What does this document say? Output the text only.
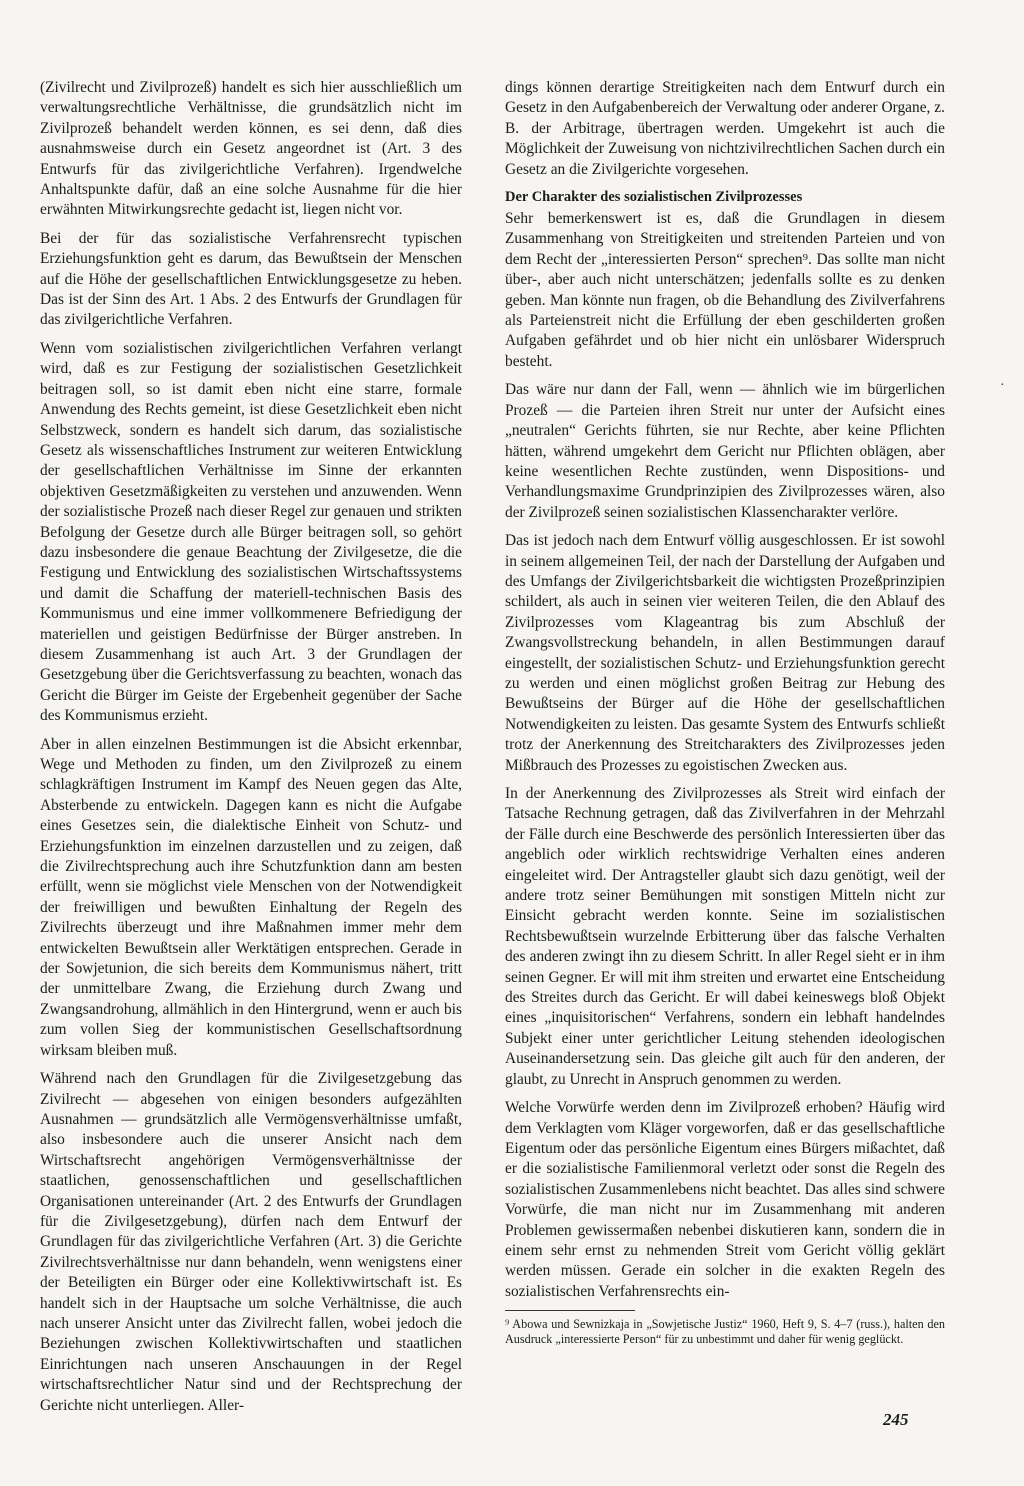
(Zivilrecht und Zivilprozeß) handelt es sich hier ausschließlich um verwaltungsrechtliche Verhältnisse, die grundsätzlich nicht im Zivilprozeß behandelt werden können, es sei denn, daß dies ausnahmsweise durch ein Gesetz angeordnet ist (Art. 3 des Entwurfs für das zivilgerichtliche Verfahren). Irgendwelche Anhaltspunkte dafür, daß an eine solche Ausnahme für die hier erwähnten Mitwirkungsrechte gedacht ist, liegen nicht vor.

Bei der für das sozialistische Verfahrensrecht typischen Erziehungsfunktion geht es darum, das Bewußtsein der Menschen auf die Höhe der gesellschaftlichen Entwicklungsgesetze zu heben. Das ist der Sinn des Art. 1 Abs. 2 des Entwurfs der Grundlagen für das zivilgerichtliche Verfahren.

Wenn vom sozialistischen zivilgerichtlichen Verfahren verlangt wird, daß es zur Festigung der sozialistischen Gesetzlichkeit beitragen soll, so ist damit eben nicht eine starre, formale Anwendung des Rechts gemeint, ist diese Gesetzlichkeit eben nicht Selbstzweck, sondern es handelt sich darum, das sozialistische Gesetz als wissenschaftliches Instrument zur weiteren Entwicklung der gesellschaftlichen Verhältnisse im Sinne der erkannten objektiven Gesetzmäßigkeiten zu verstehen und anzuwenden. Wenn der sozialistische Prozeß nach dieser Regel zur genauen und strikten Befolgung der Gesetze durch alle Bürger beitragen soll, so gehört dazu insbesondere die genaue Beachtung der Zivilgesetze, die die Festigung und Entwicklung des sozialistischen Wirtschaftssystems und damit die Schaffung der materiell-technischen Basis des Kommunismus und eine immer vollkommenere Befriedigung der materiellen und geistigen Bedürfnisse der Bürger anstreben. In diesem Zusammenhang ist auch Art. 3 der Grundlagen der Gesetzgebung über die Gerichtsverfassung zu beachten, wonach das Gericht die Bürger im Geiste der Ergebenheit gegenüber der Sache des Kommunismus erzieht.

Aber in allen einzelnen Bestimmungen ist die Absicht erkennbar, Wege und Methoden zu finden, um den Zivilprozeß zu einem schlagkräftigen Instrument im Kampf des Neuen gegen das Alte, Absterbende zu entwickeln. Dagegen kann es nicht die Aufgabe eines Gesetzes sein, die dialektische Einheit von Schutz- und Erziehungsfunktion im einzelnen darzustellen und zu zeigen, daß die Zivilrechtsprechung auch ihre Schutzfunktion dann am besten erfüllt, wenn sie möglichst viele Menschen von der Notwendigkeit der freiwilligen und bewußten Einhaltung der Regeln des Zivilrechts überzeugt und ihre Maßnahmen immer mehr dem entwickelten Bewußtsein aller Werktätigen entsprechen. Gerade in der Sowjetunion, die sich bereits dem Kommunismus nähert, tritt der unmittelbare Zwang, die Erziehung durch Zwang und Zwangsandrohung, allmählich in den Hintergrund, wenn er auch bis zum vollen Sieg der kommunistischen Gesellschaftsordnung wirksam bleiben muß.

Während nach den Grundlagen für die Zivilgesetzgebung das Zivilrecht — abgesehen von einigen besonders aufgezählten Ausnahmen — grundsätzlich alle Vermögensverhältnisse umfaßt, also insbesondere auch die unserer Ansicht nach dem Wirtschaftsrecht angehörigen Vermögensverhältnisse der staatlichen, genossenschaftlichen und gesellschaftlichen Organisationen untereinander (Art. 2 des Entwurfs der Grundlagen für die Zivilgesetzgebung), dürfen nach dem Entwurf der Grundlagen für das zivilgerichtliche Verfahren (Art. 3) die Gerichte Zivilrechtsverhältnisse nur dann behandeln, wenn wenigstens einer der Beteiligten ein Bürger oder eine Kollektivwirtschaft ist. Es handelt sich in der Hauptsache um solche Verhältnisse, die auch nach unserer Ansicht unter das Zivilrecht fallen, wobei jedoch die Beziehungen zwischen Kollektivwirtschaften und staatlichen Einrichtungen nach unseren Anschauungen in der Regel wirtschaftsrechtlicher Natur sind und der Rechtsprechung der Gerichte nicht unterliegen. Aller-

dings können derartige Streitigkeiten nach dem Entwurf durch ein Gesetz in den Aufgabenbereich der Verwaltung oder anderer Organe, z. B. der Arbitrage, übertragen werden. Umgekehrt ist auch die Möglichkeit der Zuweisung von nichtzivilrechtlichen Sachen durch ein Gesetz an die Zivilgerichte vorgesehen.

Der Charakter des sozialistischen Zivilprozesses

Sehr bemerkenswert ist es, daß die Grundlagen in diesem Zusammenhang von Streitigkeiten und streitenden Parteien und von dem Recht der „interessierten Person“ sprechen⁹. Das sollte man nicht über-, aber auch nicht unterschätzen; jedenfalls sollte es zu denken geben. Man könnte nun fragen, ob die Behandlung des Zivilverfahrens als Parteienstreit nicht die Erfüllung der eben geschilderten großen Aufgaben gefährdet und ob hier nicht ein unlösbarer Widerspruch besteht.

Das wäre nur dann der Fall, wenn — ähnlich wie im bürgerlichen Prozeß — die Parteien ihren Streit nur unter der Aufsicht eines „neutralen“ Gerichts führten, sie nur Rechte, aber keine Pflichten hätten, während umgekehrt dem Gericht nur Pflichten oblägen, aber keine wesentlichen Rechte zustünden, wenn Dispositions- und Verhandlungsmaxime Grundprinzipien des Zivilprozesses wären, also der Zivilprozeß seinen sozialistischen Klassencharakter verlöre.

Das ist jedoch nach dem Entwurf völlig ausgeschlossen. Er ist sowohl in seinem allgemeinen Teil, der nach der Darstellung der Aufgaben und des Umfangs der Zivilgerichtsbarkeit die wichtigsten Prozeßprinzipien schildert, als auch in seinen vier weiteren Teilen, die den Ablauf des Zivilprozesses vom Klageantrag bis zum Abschluß der Zwangsvollstreckung behandeln, in allen Bestimmungen darauf eingestellt, der sozialistischen Schutz- und Erziehungsfunktion gerecht zu werden und einen möglichst großen Beitrag zur Hebung des Bewußtseins der Bürger auf die Höhe der gesellschaftlichen Notwendigkeiten zu leisten. Das gesamte System des Entwurfs schließt trotz der Anerkennung des Streitcharakters des Zivilprozesses jeden Mißbrauch des Prozesses zu egoistischen Zwecken aus.

In der Anerkennung des Zivilprozesses als Streit wird einfach der Tatsache Rechnung getragen, daß das Zivilverfahren in der Mehrzahl der Fälle durch eine Beschwerde des persönlich Interessierten über das angeblich oder wirklich rechtswidrige Verhalten eines anderen eingeleitet wird. Der Antragsteller glaubt sich dazu genötigt, weil der andere trotz seiner Bemühungen mit sonstigen Mitteln nicht zur Einsicht gebracht werden konnte. Seine im sozialistischen Rechtsbewußtsein wurzelnde Erbitterung über das falsche Verhalten des anderen zwingt ihn zu diesem Schritt. In aller Regel sieht er in ihm seinen Gegner. Er will mit ihm streiten und erwartet eine Entscheidung des Streites durch das Gericht. Er will dabei keineswegs bloß Objekt eines „inquisitorischen“ Verfahrens, sondern ein lebhaft handelndes Subjekt einer unter gerichtlicher Leitung stehenden ideologischen Auseinandersetzung sein. Das gleiche gilt auch für den anderen, der glaubt, zu Unrecht in Anspruch genommen zu werden.

Welche Vorwürfe werden denn im Zivilprozeß erhoben? Häufig wird dem Verklagten vom Kläger vorgeworfen, daß er das gesellschaftliche Eigentum oder das persönliche Eigentum eines Bürgers mißachtet, daß er die sozialistische Familienmoral verletzt oder sonst die Regeln des sozialistischen Zusammenlebens nicht beachtet. Das alles sind schwere Vorwürfe, die man nicht nur im Zusammenhang mit anderen Problemen gewissermaßen nebenbei diskutieren kann, sondern die in einem sehr ernst zu nehmenden Streit vom Gericht völlig geklärt werden müssen. Gerade ein solcher in die exakten Regeln des sozialistischen Verfahrensrechts ein-

⁹ Abowa und Sewnizkaja in „Sowjetische Justiz“ 1960, Heft 9, S. 4–7 (russ.), halten den Ausdruck „interessierte Person“ für zu unbestimmt und daher für wenig geglückt.

·
245
